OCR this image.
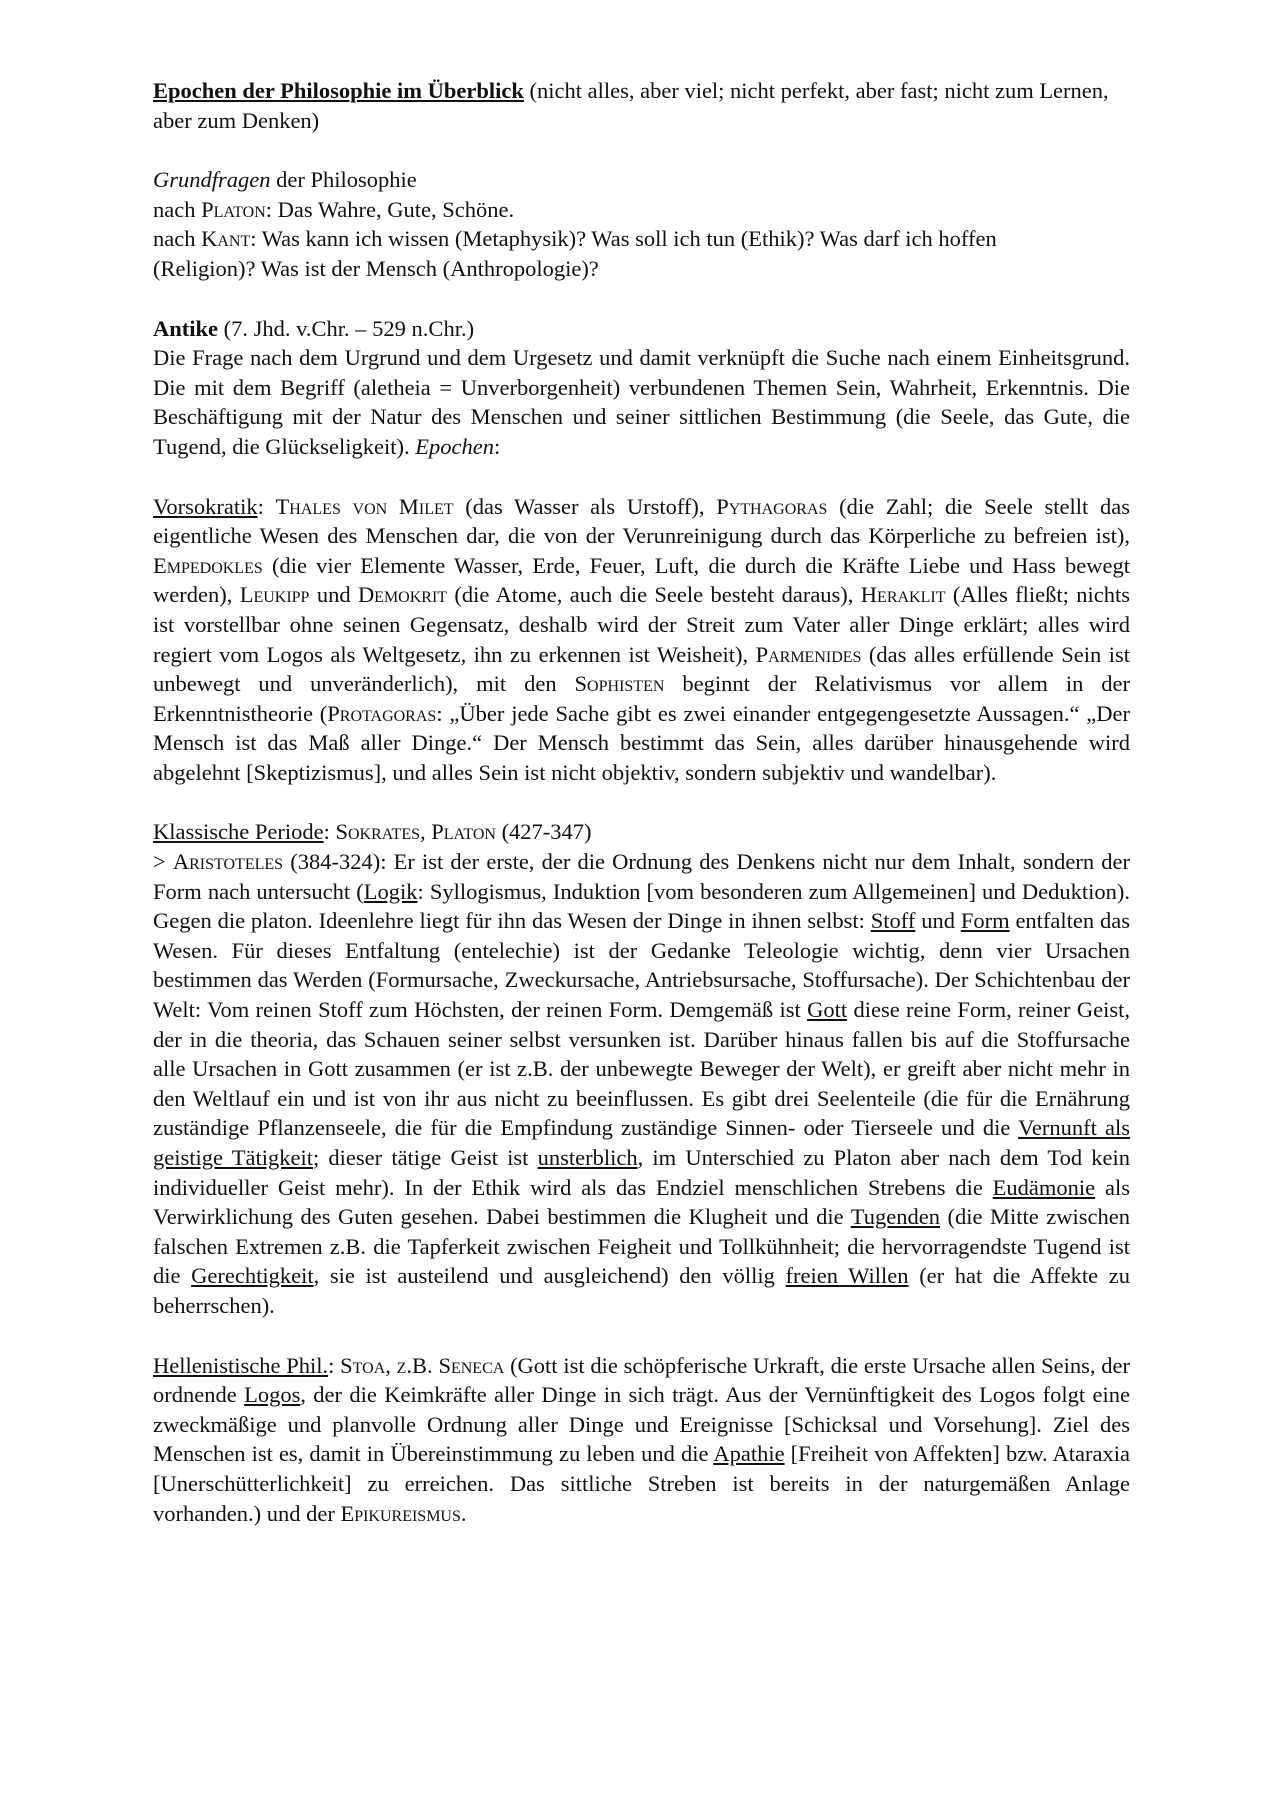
Epochen der Philosophie im Überblick (nicht alles, aber viel; nicht perfekt, aber fast; nicht zum Lernen, aber zum Denken)

Grundfragen der Philosophie

nach Platon: Das Wahre, Gute, Schöne.

nach Kant: Was kann ich wissen (Metaphysik)? Was soll ich tun (Ethik)? Was darf ich hoffen (Religion)? Was ist der Mensch (Anthropologie)?

Antike (7. Jhd. v.Chr. – 529 n.Chr.)

Die Frage nach dem Urgrund und dem Urgesetz und damit verknüpft die Suche nach einem Einheitsgrund. Die mit dem Begriff (aletheia = Unverborgenheit) verbundenen Themen Sein, Wahrheit, Erkenntnis. Die Beschäftigung mit der Natur des Menschen und seiner sittlichen Bestimmung (die Seele, das Gute, die Tugend, die Glückseligkeit). Epochen:

Vorsokratik: Thales von Milet (das Wasser als Urstoff), Pythagoras (die Zahl; die Seele stellt das eigentliche Wesen des Menschen dar, die von der Verunreinigung durch das Körperliche zu befreien ist), Empedokles (die vier Elemente Wasser, Erde, Feuer, Luft, die durch die Kräfte Liebe und Hass bewegt werden), Leukipp und Demokrit (die Atome, auch die Seele besteht daraus), Heraklit (Alles fließt; nichts ist vorstellbar ohne seinen Gegensatz, deshalb wird der Streit zum Vater aller Dinge erklärt; alles wird regiert vom Logos als Weltgesetz, ihn zu erkennen ist Weisheit), Parmenides (das alles erfüllende Sein ist unbewegt und unveränderlich), mit den Sophisten beginnt der Relativismus vor allem in der Erkenntnistheorie (Protagoras: „Über jede Sache gibt es zwei einander entgegengesetzte Aussagen.“ „Der Mensch ist das Maß aller Dinge.“ Der Mensch bestimmt das Sein, alles darüber hinausgehende wird abgelehnt [Skeptizismus], und alles Sein ist nicht objektiv, sondern subjektiv und wandelbar).

Klassische Periode: Sokrates, Platon (427-347)

> Aristoteles (384-324): Er ist der erste, der die Ordnung des Denkens nicht nur dem Inhalt, sondern der Form nach untersucht (Logik: Syllogismus, Induktion [vom besonderen zum Allgemeinen] und Deduktion). Gegen die platon. Ideenlehre liegt für ihn das Wesen der Dinge in ihnen selbst: Stoff und Form entfalten das Wesen. Für dieses Entfaltung (entelechie) ist der Gedanke Teleologie wichtig, denn vier Ursachen bestimmen das Werden (Formursache, Zweckursache, Antriebsursache, Stoffursache). Der Schichtenbau der Welt: Vom reinen Stoff zum Höchsten, der reinen Form. Demgemäß ist Gott diese reine Form, reiner Geist, der in die theoria, das Schauen seiner selbst versunken ist. Darüber hinaus fallen bis auf die Stoffursache alle Ursachen in Gott zusammen (er ist z.B. der unbewegte Beweger der Welt), er greift aber nicht mehr in den Weltlauf ein und ist von ihr aus nicht zu beeinflussen. Es gibt drei Seelenteile (die für die Ernährung zuständige Pflanzenseele, die für die Empfindung zuständige Sinnen- oder Tierseele und die Vernunft als geistige Tätigkeit; dieser tätige Geist ist unsterblich, im Unterschied zu Platon aber nach dem Tod kein individueller Geist mehr). In der Ethik wird als das Endziel menschlichen Strebens die Eudämonie als Verwirklichung des Guten gesehen. Dabei bestimmen die Klugheit und die Tugenden (die Mitte zwischen falschen Extremen z.B. die Tapferkeit zwischen Feigheit und Tollkühnheit; die hervorragendste Tugend ist die Gerechtigkeit, sie ist austeilend und ausgleichend) den völlig freien Willen (er hat die Affekte zu beherrschen).

Hellenistische Phil.: Stoa, z.B. Seneca (Gott ist die schöpferische Urkraft, die erste Ursache allen Seins, der ordnende Logos, der die Keimkräfte aller Dinge in sich trägt. Aus der Vernünftigkeit des Logos folgt eine zweckmäßige und planvolle Ordnung aller Dinge und Ereignisse [Schicksal und Vorsehung]. Ziel des Menschen ist es, damit in Übereinstimmung zu leben und die Apathie [Freiheit von Affekten] bzw. Ataraxia [Unerschütterlichkeit] zu erreichen. Das sittliche Streben ist bereits in der naturgemäßen Anlage vorhanden.) und der Epikureismus.
